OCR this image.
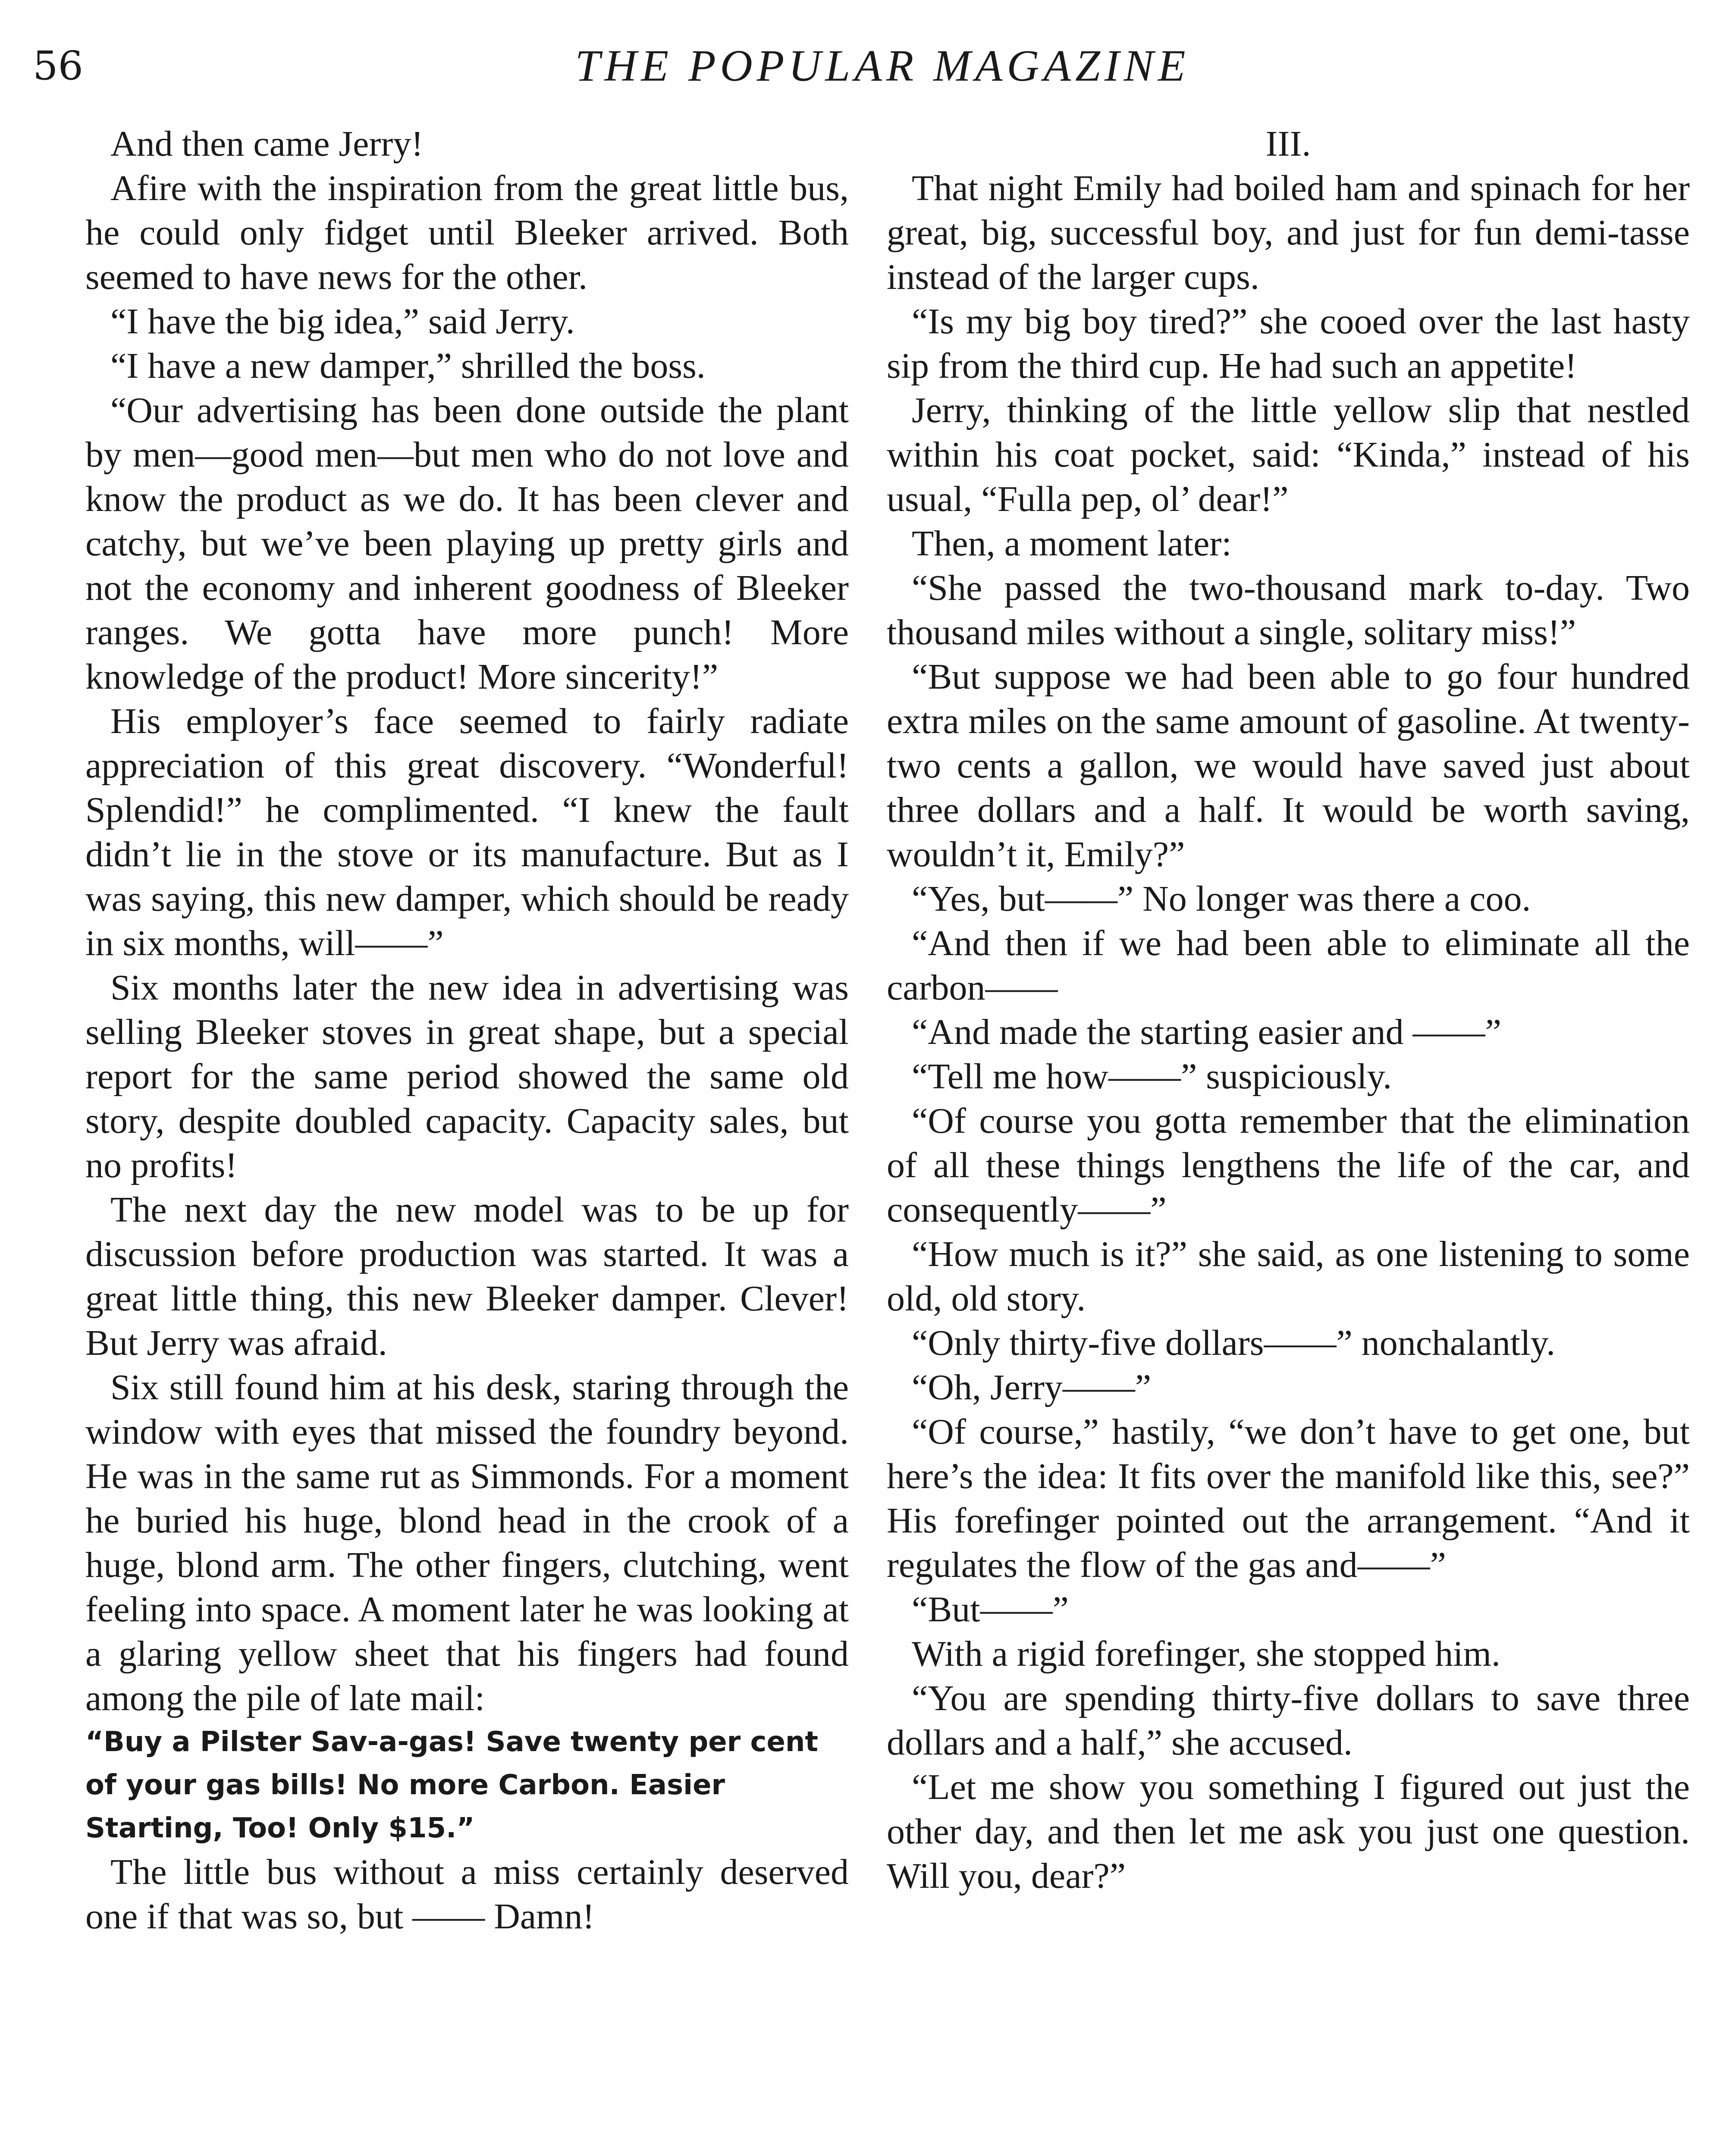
56	THE POPULAR MAGAZINE

And then came Jerry!

Afire with the inspiration from the great little bus, he could only fidget until Bleeker arrived. Both seemed to have news for the other.

“I have the big idea,” said Jerry.

“I have a new damper,” shrilled the boss.

“Our advertising has been done outside the plant by men—good men—but men who do not love and know the product as we do. It has been clever and catchy, but we’ve been playing up pretty girls and not the economy and inherent goodness of Bleeker ranges. We gotta have more punch! More knowledge of the product! More sincerity!”

His employer’s face seemed to fairly radiate appreciation of this great discovery. “Wonderful! Splendid!” he complimented. “I knew the fault didn’t lie in the stove or its manufacture. But as I was saying, this new damper, which should be ready in six months, will——”

Six months later the new idea in advertising was selling Bleeker stoves in great shape, but a special report for the same period showed the same old story, despite doubled capacity. Capacity sales, but no profits!

The next day the new model was to be up for discussion before production was started. It was a great little thing, this new Bleeker damper. Clever! But Jerry was afraid.

Six still found him at his desk, staring through the window with eyes that missed the foundry beyond. He was in the same rut as Simmonds. For a moment he buried his huge, blond head in the crook of a huge, blond arm. The other fingers, clutching, went feeling into space. A moment later he was looking at a glaring yellow sheet that his fingers had found among the pile of late mail:

“Buy a Pilster Sav-a-gas! Save twenty per cent of your gas bills! No more Carbon. Easier Starting, Too! Only $15.”

The little bus without a miss certainly deserved one if that was so, but —— Damn!

III.

That night Emily had boiled ham and spinach for her great, big, successful boy, and just for fun demi-tasse instead of the larger cups.

“Is my big boy tired?” she cooed over the last hasty sip from the third cup. He had such an appetite!

Jerry, thinking of the little yellow slip that nestled within his coat pocket, said: “Kinda,” instead of his usual, “Fulla pep, ol’ dear!”

Then, a moment later:

“She passed the two-thousand mark to-day. Two thousand miles without a single, solitary miss!”

“But suppose we had been able to go four hundred extra miles on the same amount of gasoline. At twenty-two cents a gallon, we would have saved just about three dollars and a half. It would be worth saving, wouldn’t it, Emily?”

“Yes, but——” No longer was there a coo.

“And then if we had been able to eliminate all the carbon——

“And made the starting easier and ——”

“Tell me how——” suspiciously.

“Of course you gotta remember that the elimination of all these things lengthens the life of the car, and consequently——”

“How much is it?” she said, as one listening to some old, old story.

“Only thirty-five dollars——” nonchalantly.

“Oh, Jerry——”

“Of course,” hastily, “we don’t have to get one, but here’s the idea: It fits over the manifold like this, see?” His forefinger pointed out the arrangement. “And it regulates the flow of the gas and——”

“But——”

With a rigid forefinger, she stopped him.

“You are spending thirty-five dollars to save three dollars and a half,” she accused.

“Let me show you something I figured out just the other day, and then let me ask you just one question. Will you, dear?”
